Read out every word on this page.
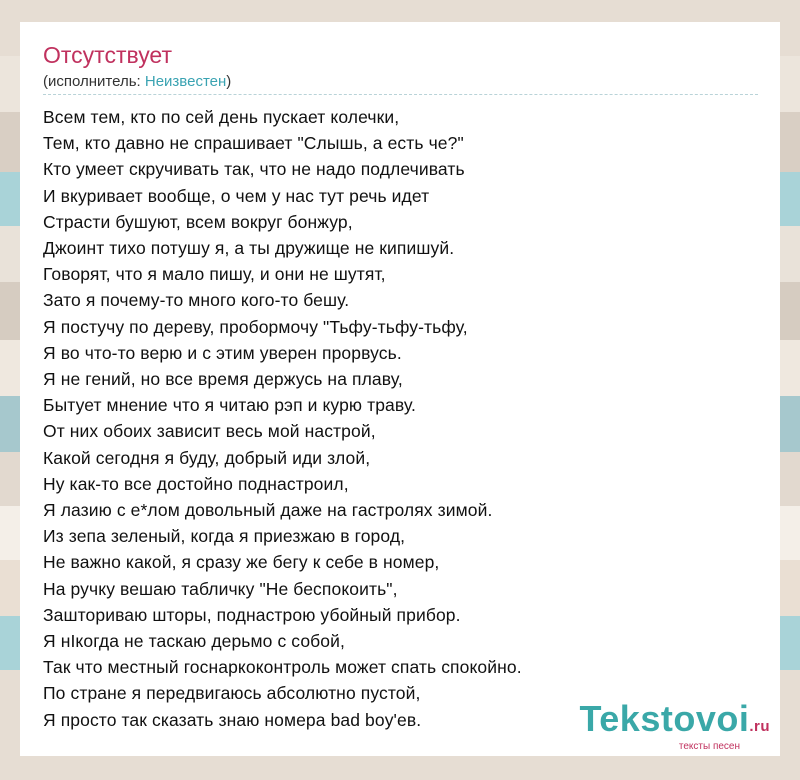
Отсутствует
(исполнитель: Неизвестен)
Всем тем, кто по сей день пускает колечки,
Тем, кто давно не спрашивает "Слышь, а есть че?"
Кто умеет скручивать так, что не надо подлечивать
И вкуривает вообще, о чем у нас тут речь идет
Страсти бушуют, всем вокруг бонжур,
Джоинт тихо потушу я, а ты дружище не кипишуй.
Говорят, что я мало пишу, и они не шутят,
Зато я почему-то много кого-то бешу.
Я постучу по дереву, пробормочу "Тьфу-тьфу-тьфу,
Я во что-то верю и с этим уверен прорвусь.
Я не гений, но все время держусь на плаву,
Бытует мнение что я читаю рэп и курю траву.
От них обоих зависит весь мой настрой,
Какой сегодня я буду, добрый иди злой,
Ну как-то все достойно поднастроил,
Я лазию с е*лом довольный даже на гастролях зимой.
Из зепа зеленый, когда я приезжаю в город,
Не важно какой, я сразу же бегу к себе в номер,
На ручку вешаю табличку "Не беспокоить",
Зашториваю шторы, поднастрою убойный прибор.
Я нIкогда не таскаю дерьмо с собой,
Так что местный госнаркоконтроль может спать спокойно.
По стране я передвигаюсь абсолютно пустой,
Я просто так сказать знаю номера bad boy'ев.	Tekstovoi.ru
тексты песен
